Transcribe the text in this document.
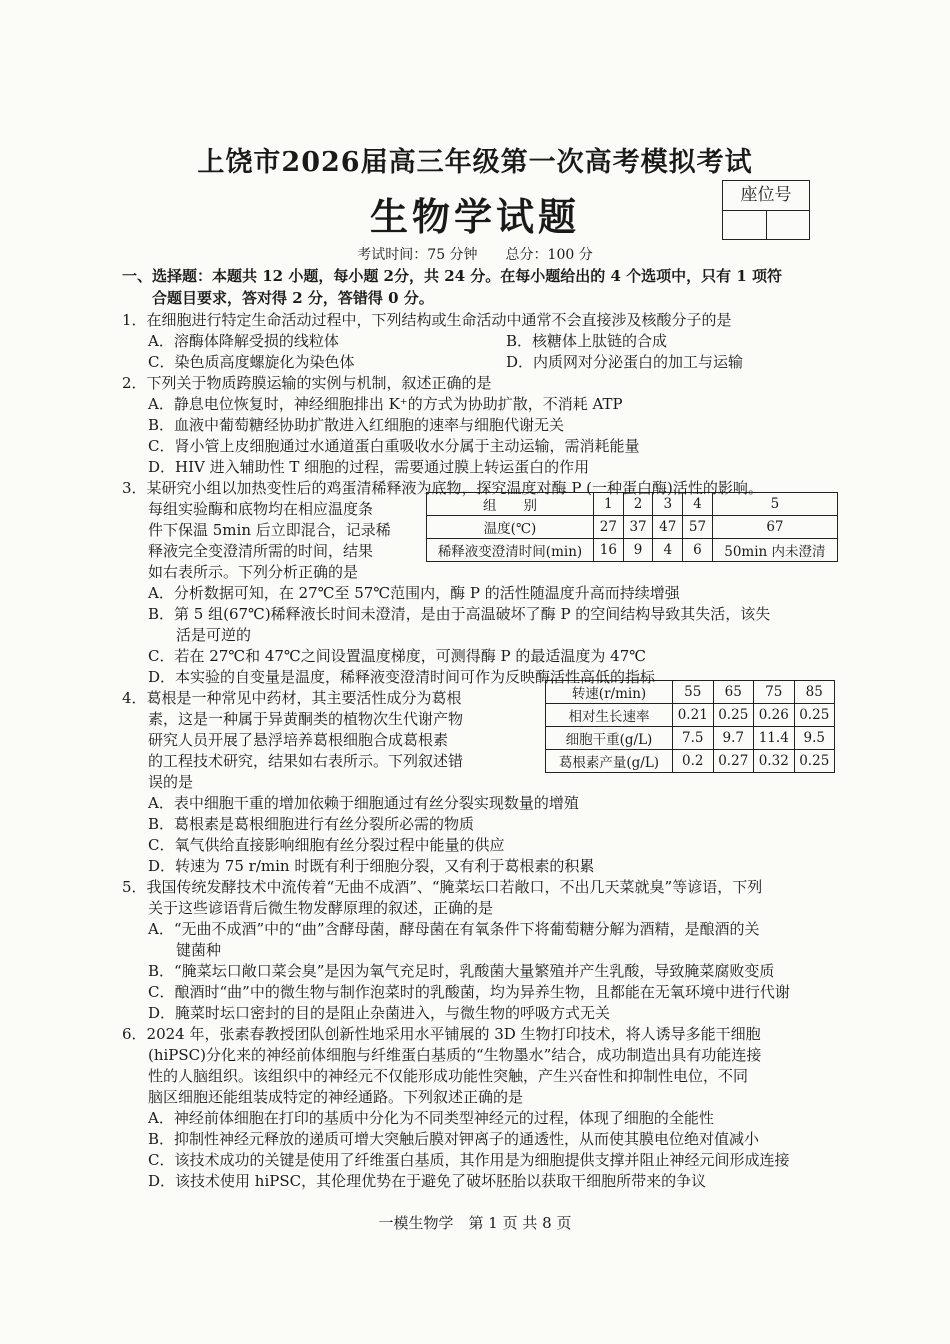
上饶市2026届高三年级第一次高考模拟考试
生物学试题	座位号
考试时间：75 分钟　　总分：100 分
一、选择题：本题共 12 小题，每小题 2分，共 24 分。在每小题给出的 4 个选项中，只有 1 项符
合题目要求，答对得 2 分，答错得 0 分。
1．在细胞进行特定生命活动过程中，下列结构或生命活动中通常不会直接涉及核酸分子的是
A．溶酶体降解受损的线粒体	B．核糖体上肽链的合成
C．染色质高度螺旋化为染色体	D．内质网对分泌蛋白的加工与运输
2．下列关于物质跨膜运输的实例与机制，叙述正确的是
A．静息电位恢复时，神经细胞排出 K⁺的方式为协助扩散，不消耗 ATP
B．血液中葡萄糖经协助扩散进入红细胞的速率与细胞代谢无关
C．肾小管上皮细胞通过水通道蛋白重吸收水分属于主动运输，需消耗能量
D．HIV 进入辅助性 T 细胞的过程，需要通过膜上转运蛋白的作用
3．某研究小组以加热变性后的鸡蛋清稀释液为底物，探究温度对酶 P (一种蛋白酶)活性的影响。
每组实验酶和底物均在相应温度条
件下保温 5min 后立即混合，记录稀
释液完全变澄清所需的时间，结果
如右表所示。下列分析正确的是
组　　别	1	2	3	4	5
温度(℃)	27	37	47	57	67
稀释液变澄清时间(min)	16	9	4	6	50min 内未澄清
A．分析数据可知，在 27℃至 57℃范围内，酶 P 的活性随温度升高而持续增强
B．第 5 组(67℃)稀释液长时间未澄清，是由于高温破坏了酶 P 的空间结构导致其失活，该失
活是可逆的
C．若在 27℃和 47℃之间设置温度梯度，可测得酶 P 的最适温度为 47℃
D．本实验的自变量是温度，稀释液变澄清时间可作为反映酶活性高低的指标
4．葛根是一种常见中药材，其主要活性成分为葛根
素，这是一种属于异黄酮类的植物次生代谢产物
研究人员开展了悬浮培养葛根细胞合成葛根素
的工程技术研究，结果如右表所示。下列叙述错
误的是
转速(r/min)	55	65	75	85
相对生长速率	0.21	0.25	0.26	0.25
细胞干重(g/L)	7.5	9.7	11.4	9.5
葛根素产量(g/L)	0.2	0.27	0.32	0.25
A．表中细胞干重的增加依赖于细胞通过有丝分裂实现数量的增殖
B．葛根素是葛根细胞进行有丝分裂所必需的物质
C．氧气供给直接影响细胞有丝分裂过程中能量的供应
D．转速为 75 r/min 时既有利于细胞分裂，又有利于葛根素的积累
5．我国传统发酵技术中流传着“无曲不成酒”、“腌菜坛口若敞口，不出几天菜就臭”等谚语，下列
关于这些谚语背后微生物发酵原理的叙述，正确的是
A．“无曲不成酒”中的“曲”含酵母菌，酵母菌在有氧条件下将葡萄糖分解为酒精，是酿酒的关
键菌种
B．“腌菜坛口敞口菜会臭”是因为氧气充足时，乳酸菌大量繁殖并产生乳酸，导致腌菜腐败变质
C．酿酒时“曲”中的微生物与制作泡菜时的乳酸菌，均为异养生物，且都能在无氧环境中进行代谢
D．腌菜时坛口密封的目的是阻止杂菌进入，与微生物的呼吸方式无关
6．2024 年，张素春教授团队创新性地采用水平铺展的 3D 生物打印技术，将人诱导多能干细胞
(hiPSC)分化来的神经前体细胞与纤维蛋白基质的“生物墨水”结合，成功制造出具有功能连接
性的人脑组织。该组织中的神经元不仅能形成功能性突触，产生兴奋性和抑制性电位，不同
脑区细胞还能组装成特定的神经通路。下列叙述正确的是
A．神经前体细胞在打印的基质中分化为不同类型神经元的过程，体现了细胞的全能性
B．抑制性神经元释放的递质可增大突触后膜对钾离子的通透性，从而使其膜电位绝对值减小
C．该技术成功的关键是使用了纤维蛋白基质，其作用是为细胞提供支撑并阻止神经元间形成连接
D．该技术使用 hiPSC，其伦理优势在于避免了破坏胚胎以获取干细胞所带来的争议
一模生物学　第 1 页 共 8 页
